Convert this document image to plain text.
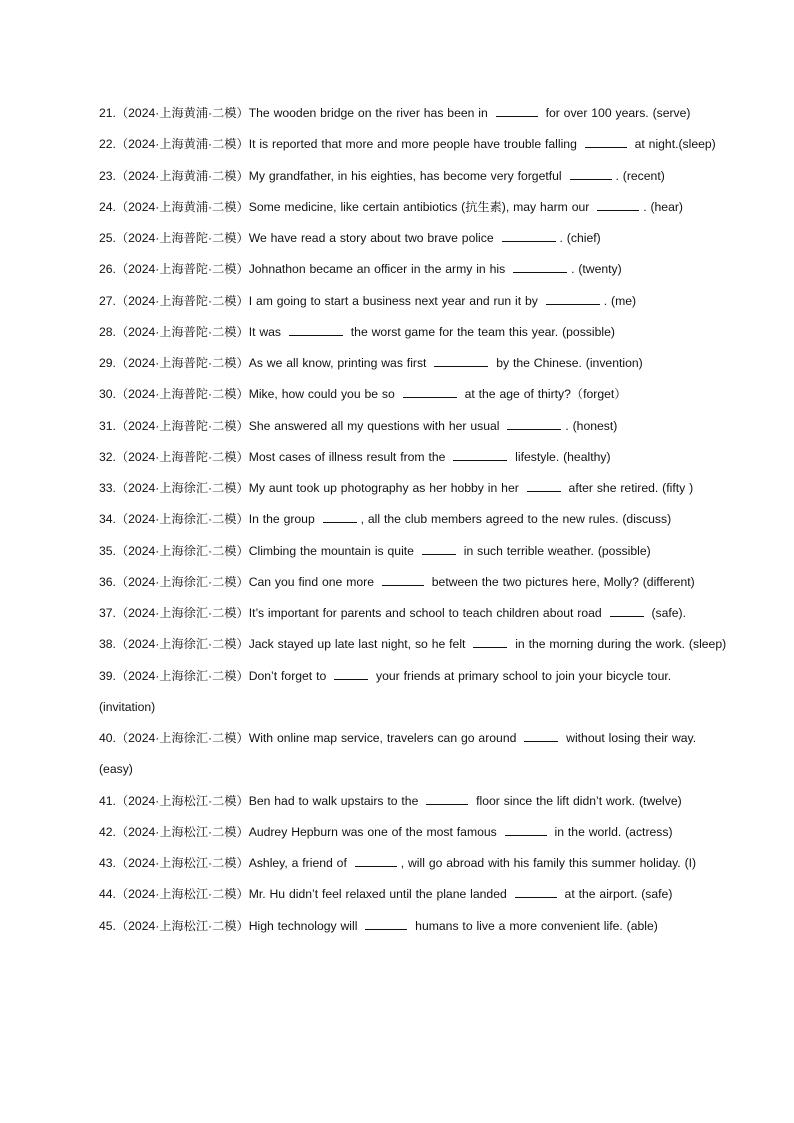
21.（2024·上海黄浦·二模）The wooden bridge on the river has been in	for over 100 years. (serve)
22.（2024·上海黄浦·二模）It is reported that more and more people have trouble falling	at night.(sleep)
23.（2024·上海黄浦·二模）My grandfather, in his eighties, has become very forgetful	. (recent)
24.（2024·上海黄浦·二模）Some medicine, like certain antibiotics (抗生素), may harm our	. (hear)
25.（2024·上海普陀·二模）We have read a story about two brave police	. (chief)
26.（2024·上海普陀·二模）Johnathon became an officer in the army in his	. (twenty)
27.（2024·上海普陀·二模）I am going to start a business next year and run it by	. (me)
28.（2024·上海普陀·二模）It was	the worst game for the team this year. (possible)
29.（2024·上海普陀·二模）As we all know, printing was first	by the Chinese. (invention)
30.（2024·上海普陀·二模）Mike, how could you be so	at the age of thirty?（forget）
31.（2024·上海普陀·二模）She answered all my questions with her usual	. (honest)
32.（2024·上海普陀·二模）Most cases of illness result from the	lifestyle. (healthy)
33.（2024·上海徐汇·二模）My aunt took up photography as her hobby in her	after she retired. (fifty )
34.（2024·上海徐汇·二模）In the group	, all the club members agreed to the new rules. (discuss)
35.（2024·上海徐汇·二模）Climbing the mountain is quite	in such terrible weather. (possible)
36.（2024·上海徐汇·二模）Can you find one more	between the two pictures here, Molly? (different)
37.（2024·上海徐汇·二模）It’s important for parents and school to teach children about road	(safe).
38.（2024·上海徐汇·二模）Jack stayed up late last night, so he felt	in the morning during the work. (sleep)
39.（2024·上海徐汇·二模）Don’t forget to	your friends at primary school to join your bicycle tour. (invitation)
40.（2024·上海徐汇·二模）With online map service, travelers can go around	without losing their way. (easy)
41.（2024·上海松江·二模）Ben had to walk upstairs to the	floor since the lift didn’t work. (twelve)
42.（2024·上海松江·二模）Audrey Hepburn was one of the most famous	in the world. (actress)
43.（2024·上海松江·二模）Ashley, a friend of	, will go abroad with his family this summer holiday. (I)
44.（2024·上海松江·二模）Mr. Hu didn’t feel relaxed until the plane landed	at the airport. (safe)
45.（2024·上海松江·二模）High technology will	humans to live a more convenient life. (able)
